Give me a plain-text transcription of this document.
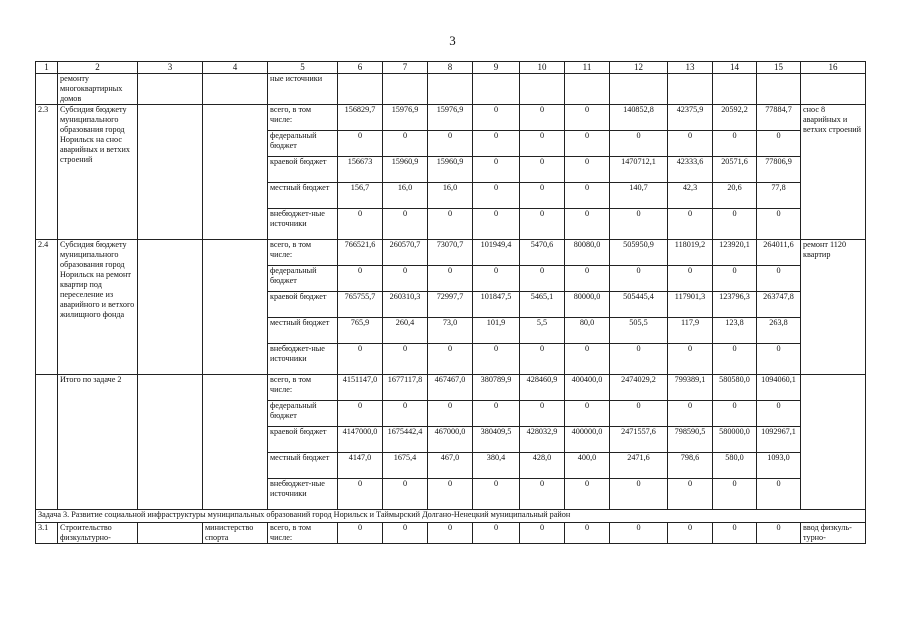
3
1	2	3	4	5	6	7	8	9	10	11	12	13	14	15	16
	ремонту многоквартирных домов			ные источники											
2.3	Субсидия бюджету муниципального образования город Норильск на снос аварийных и ветхих строений			всего, в том числе:	156829,7	15976,9	15976,9	0	0	0	140852,8	42375,9	20592,2	77884,7	снос 8 аварийных и ветхих строений
				федеральный бюджет	0	0	0	0	0	0	0	0	0	0	
				краевой бюджет	156673	15960,9	15960,9	0	0	0	1470712,1	42333,6	20571,6	77806,9	
				местный бюджет	156,7	16,0	16,0	0	0	0	140,7	42,3	20,6	77,8	
				внебюджет-ные источники	0	0	0	0	0	0	0	0	0	0	
2.4	Субсидия бюджету муниципального образования город Норильск на ремонт квартир под переселение из аварийного и ветхого жилищного фонда			всего, в том числе:	766521,6	260570,7	73070,7	101949,4	5470,6	80080,0	505950,9	118019,2	123920,1	264011,6	ремонт 1120 квартир
				федеральный бюджет	0	0	0	0	0	0	0	0	0	0	
				краевой бюджет	765755,7	260310,3	72997,7	101847,5	5465,1	80000,0	505445,4	117901,3	123796,3	263747,8	
				местный бюджет	765,9	260,4	73,0	101,9	5,5	80,0	505,5	117,9	123,8	263,8	
				внебюджет-ные источники	0	0	0	0	0	0	0	0	0	0	
	Итого по задаче 2			всего, в том числе:	4151147,0	1677117,8	467467,0	380789,9	428460,9	400400,0	2474029,2	799389,1	580580,0	1094060,1	
				федеральный бюджет	0	0	0	0	0	0	0	0	0	0	
				краевой бюджет	4147000,0	1675442,4	467000,0	380409,5	428032,9	400000,0	2471557,6	798590,5	580000,0	1092967,1	
				местный бюджет	4147,0	1675,4	467,0	380,4	428,0	400,0	2471,6	798,6	580,0	1093,0	
				внебюджет-ные источники	0	0	0	0	0	0	0	0	0	0	
Задача 3. Развитие социальной инфраструктуры муниципальных образований город Норильск и Таймырский Долгано-Ненецкий муниципальный район															
3.1	Строительство физкультурно-		министерство спорта	всего, в том числе:	0	0	0	0	0	0	0	0	0	0	ввод физкуль-турно-
